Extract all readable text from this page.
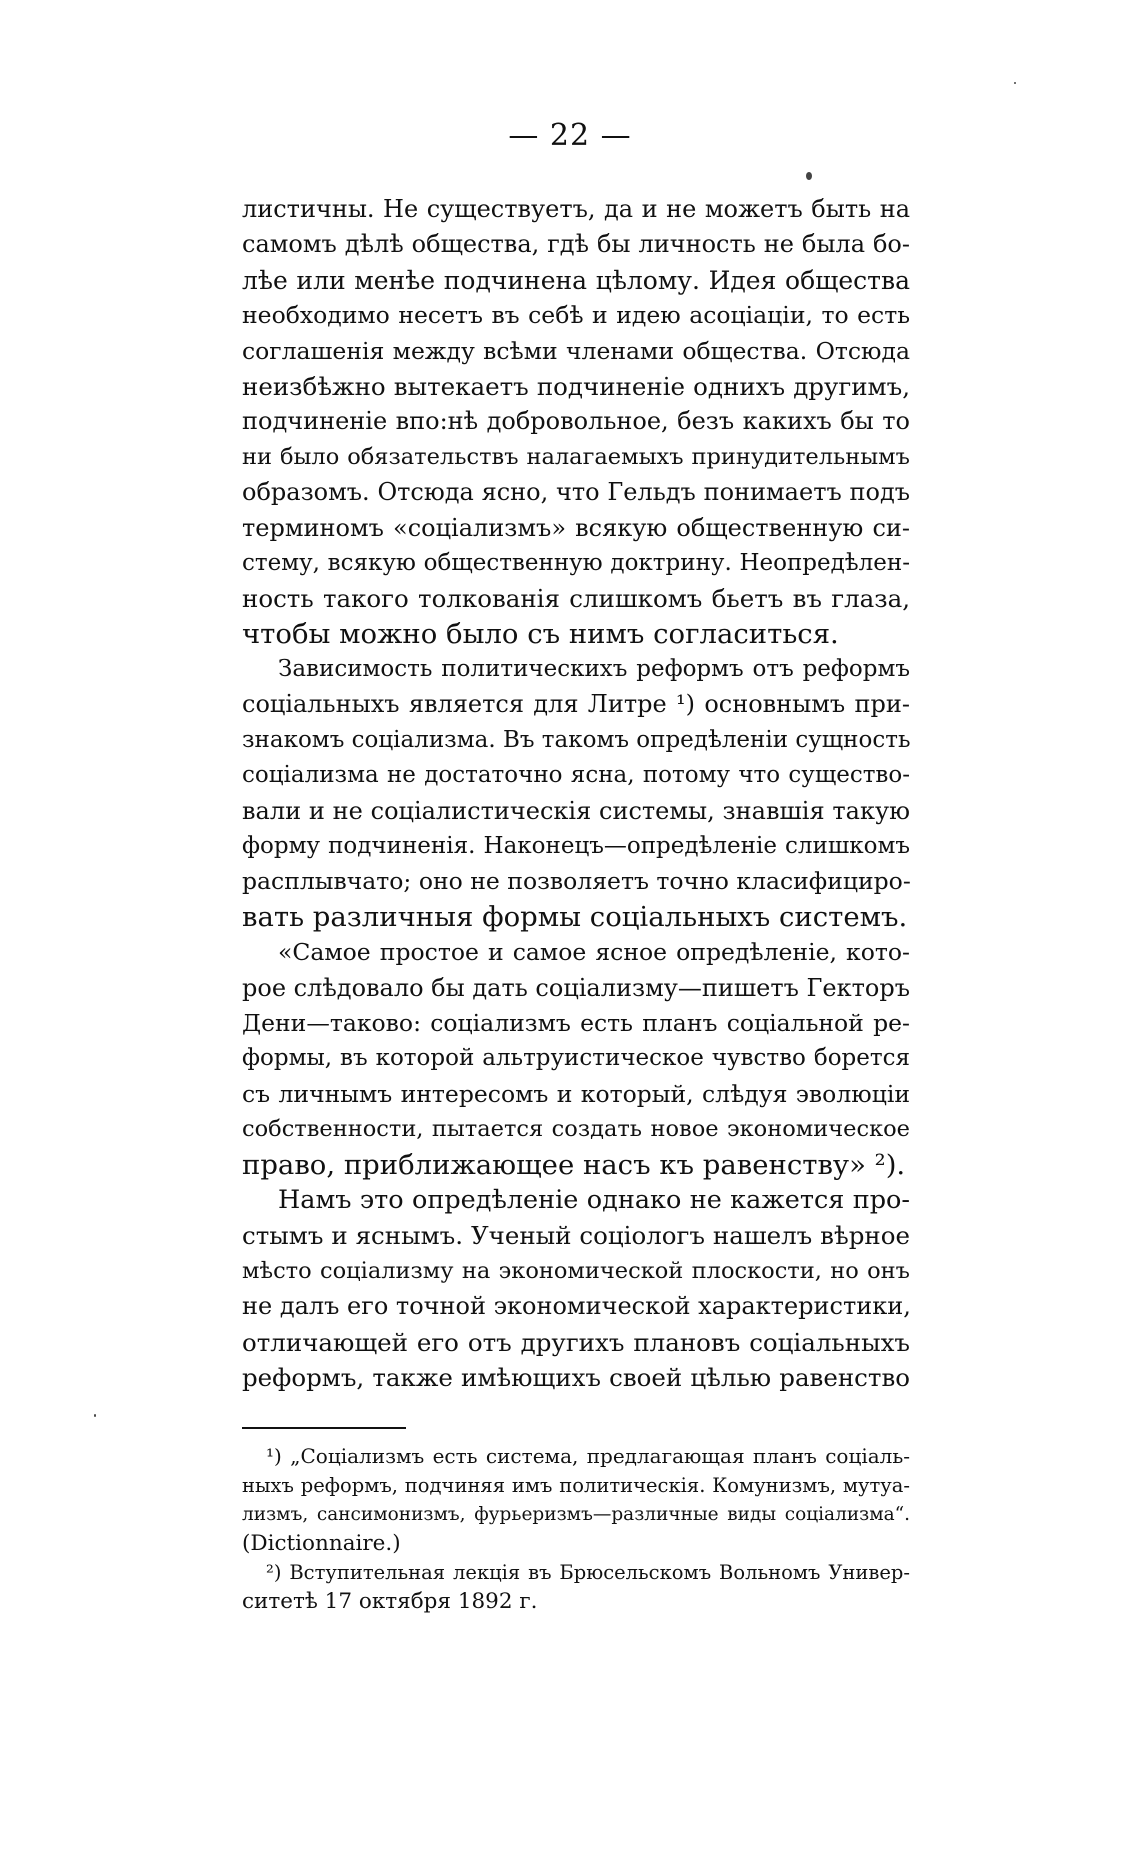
— 22 —
листичны. Не существуетъ, да и не можетъ быть на
самомъ дѣлѣ общества, гдѣ бы личность не была бо-
лѣе или менѣе подчинена цѣлому. Идея общества
необходимо несетъ въ себѣ и идею асоціаціи, то есть
соглашенія между всѣми членами общества. Отсюда
неизбѣжно вытекаетъ подчиненіе однихъ другимъ,
подчиненіе впо:нѣ добровольное, безъ какихъ бы то
ни было обязательствъ налагаемыхъ принудительнымъ
образомъ. Отсюда ясно, что Гельдъ понимаетъ подъ
терминомъ «соціализмъ» всякую общественную си-
стему, всякую общественную доктрину. Неопредѣлен-
ность такого толкованія слишкомъ бьетъ въ глаза,
чтобы можно было съ нимъ согласиться.
Зависимость политическихъ реформъ отъ реформъ
соціальныхъ является для Литре ¹) основнымъ при-
знакомъ соціализма. Въ такомъ опредѣленіи сущность
соціализма не достаточно ясна, потому что существо-
вали и не соціалистическія системы, знавшія такую
форму подчиненія. Наконецъ—опредѣленіе слишкомъ
расплывчато; оно не позволяетъ точно класифициро-
вать различныя формы соціальныхъ системъ.
«Самое простое и самое ясное опредѣленіе, кото-
рое слѣдовало бы дать соціализму—пишетъ Гекторъ
Дени—таково: соціализмъ есть планъ соціальной ре-
формы, въ которой альтруистическое чувство борется
съ личнымъ интересомъ и который, слѣдуя эволюціи
собственности, пытается создать новое экономическое
право, приближающее насъ къ равенству» ²).
Намъ это опредѣленіе однако не кажется про-
стымъ и яснымъ. Ученый соціологъ нашелъ вѣрное
мѣсто соціализму на экономической плоскости, но онъ
не далъ его точной экономической характеристики,
отличающей его отъ другихъ плановъ соціальныхъ
реформъ, также имѣющихъ своей цѣлью равенство
¹) „Соціализмъ есть система, предлагающая планъ соціаль-
ныхъ реформъ, подчиняя имъ политическія. Комунизмъ, мутуа-
лизмъ, сансимонизмъ, фурьеризмъ—различные виды соціализма“.
(Dictionnaire.)
²) Вступительная лекція въ Брюсельскомъ Вольномъ Универ-
ситетѣ 17 октября 1892 г.
